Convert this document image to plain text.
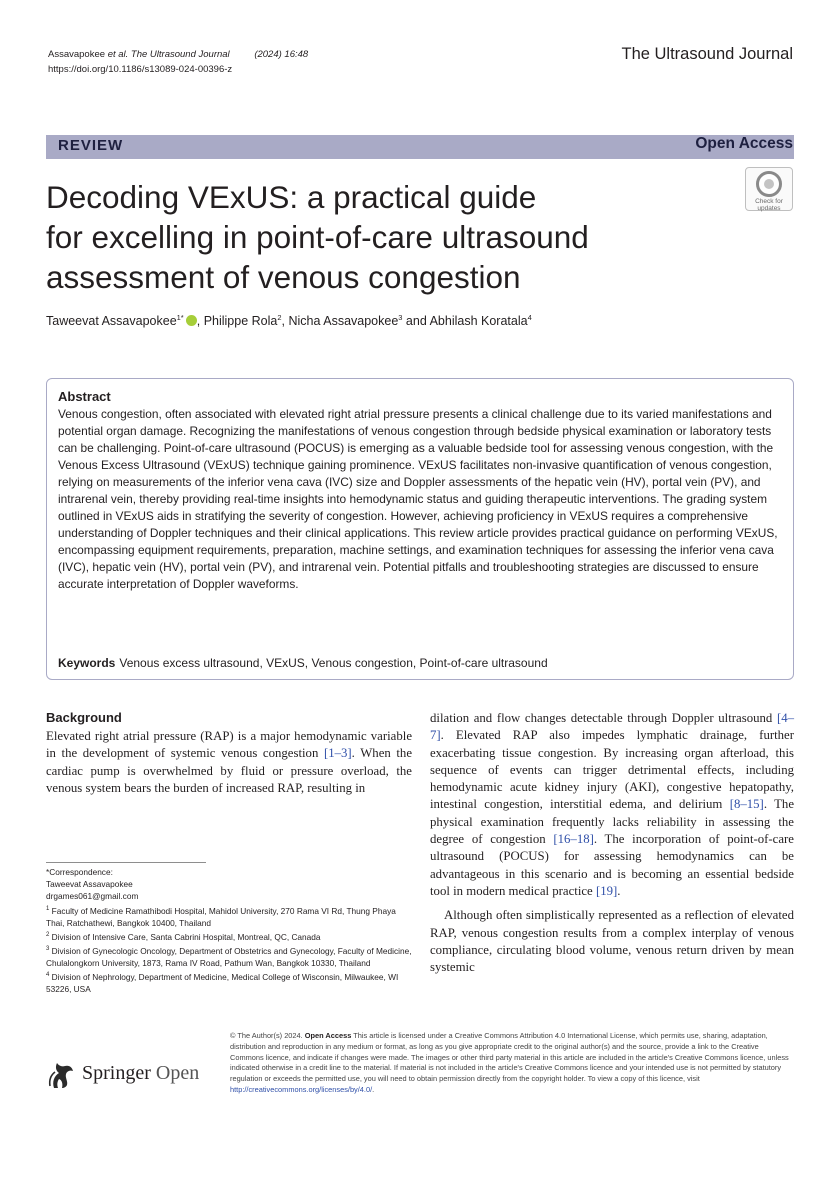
Assavapokee et al. The Ultrasound Journal	(2024) 16:48
https://doi.org/10.1186/s13089-024-00396-z
The Ultrasound Journal
REVIEW	Open Access
Decoding VExUS: a practical guide
for excelling in point-of-care ultrasound
assessment of venous congestion
Check for
updates
Taweevat Assavapokee$^{1*}$ , Philippe Rola$^2$, Nicha Assavapokee$^3$ and Abhilash Koratala$^4$
Abstract
Venous congestion, often associated with elevated right atrial pressure presents a clinical challenge due to its varied manifestations and potential organ damage. Recognizing the manifestations of venous congestion through bedside physical examination or laboratory tests can be challenging. Point-of-care ultrasound (POCUS) is emerging as a valuable bedside tool for assessing venous congestion, with the Venous Excess Ultrasound (VExUS) technique gaining prominence. VExUS facilitates non-invasive quantification of venous congestion, relying on measurements of the inferior vena cava (IVC) size and Doppler assessments of the hepatic vein (HV), portal vein (PV), and intrarenal vein, thereby providing real-time insights into hemodynamic status and guiding therapeutic interventions. The grading system outlined in VExUS aids in stratifying the severity of congestion. However, achieving proficiency in VExUS requires a comprehensive understanding of Doppler techniques and their clinical applications. This review article provides practical guidance on performing VExUS, encompassing equipment requirements, preparation, machine settings, and examination techniques for assessing the inferior vena cava (IVC), hepatic vein (HV), portal vein (PV), and intrarenal vein. Potential pitfalls and troubleshooting strategies are discussed to ensure accurate interpretation of Doppler waveforms.
Keywords Venous excess ultrasound, VExUS, Venous congestion, Point-of-care ultrasound
Background
Elevated right atrial pressure (RAP) is a major hemodynamic variable in the development of systemic venous congestion [1–3]. When the cardiac pump is overwhelmed by fluid or pressure overload, the venous system bears the burden of increased RAP, resulting in
dilation and flow changes detectable through Doppler ultrasound [4–7]. Elevated RAP also impedes lymphatic drainage, further exacerbating tissue congestion. By increasing organ afterload, this sequence of events can trigger detrimental effects, including hemodynamic acute kidney injury (AKI), congestive hepatopathy, intestinal congestion, interstitial edema, and delirium [8–15]. The physical examination frequently lacks reliability in assessing the degree of congestion [16–18]. The incorporation of point-of-care ultrasound (POCUS) for assessing hemodynamics can be advantageous in this scenario and is becoming an essential bedside tool in modern medical practice [19].
Although often simplistically represented as a reflection of elevated RAP, venous congestion results from a complex interplay of venous compliance, circulating blood volume, venous return driven by mean systemic
*Correspondence:
Taweevat Assavapokee
drgames061@gmail.com
$^1$ Faculty of Medicine Ramathibodi Hospital, Mahidol University, 270 Rama VI Rd, Thung Phaya Thai, Ratchathewi, Bangkok 10400, Thailand
$^2$ Division of Intensive Care, Santa Cabrini Hospital, Montreal, QC, Canada
$^3$ Division of Gynecologic Oncology, Department of Obstetrics and Gynecology, Faculty of Medicine, Chulalongkorn University, 1873, Rama IV Road, Pathum Wan, Bangkok 10330, Thailand
$^4$ Division of Nephrology, Department of Medicine, Medical College of Wisconsin, Milwaukee, WI 53226, USA
Springer Open
© The Author(s) 2024. Open Access This article is licensed under a Creative Commons Attribution 4.0 International License, which permits use, sharing, adaptation, distribution and reproduction in any medium or format, as long as you give appropriate credit to the original author(s) and the source, provide a link to the Creative Commons licence, and indicate if changes were made. The images or other third party material in this article are included in the article's Creative Commons licence, unless indicated otherwise in a credit line to the material. If material is not included in the article's Creative Commons licence and your intended use is not permitted by statutory regulation or exceeds the permitted use, you will need to obtain permission directly from the copyright holder. To view a copy of this licence, visit http://creativecommons.org/licenses/by/4.0/.
